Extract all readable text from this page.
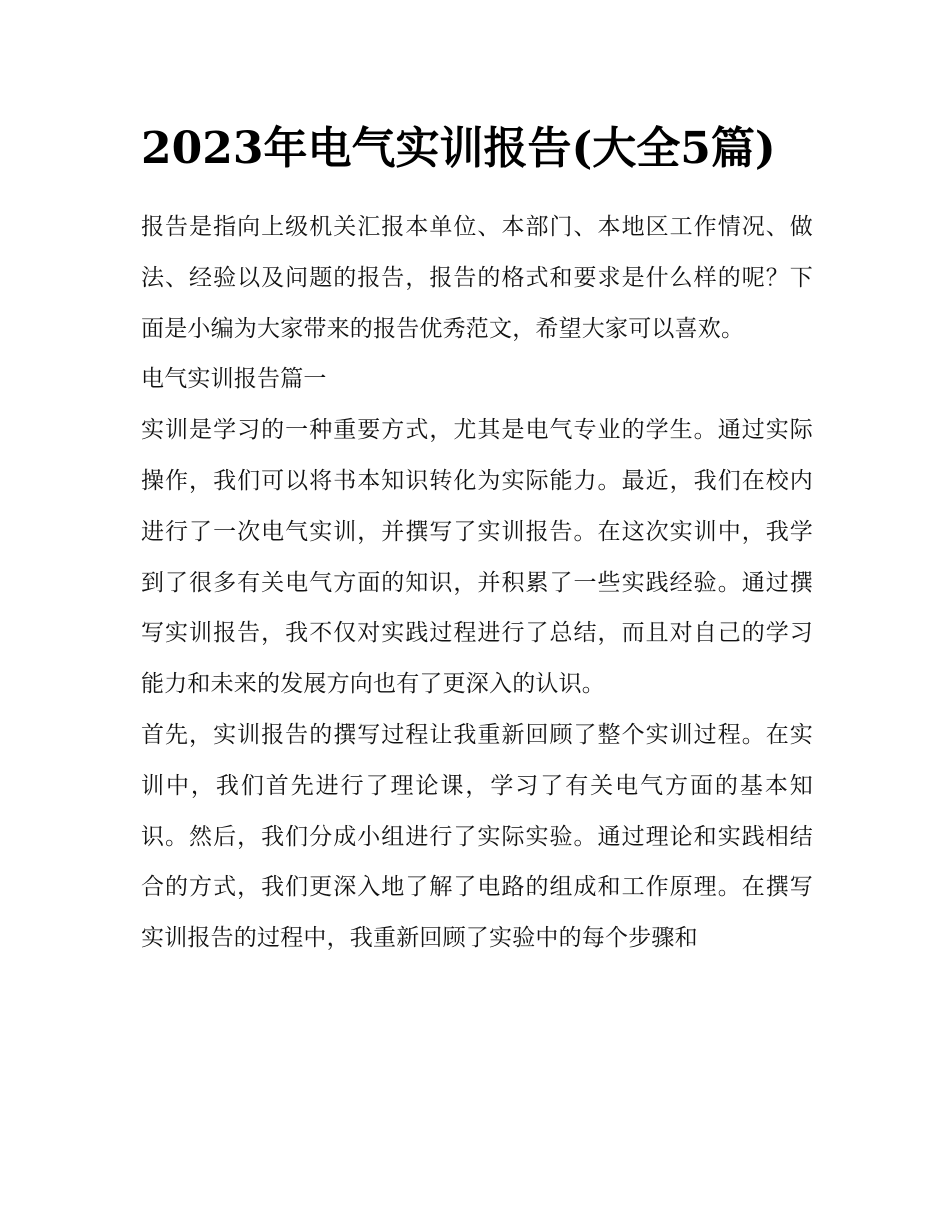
2023年电气实训报告(大全5篇)

报告是指向上级机关汇报本单位、本部门、本地区工作情况、做法、经验以及问题的报告，报告的格式和要求是什么样的呢？下面是小编为大家带来的报告优秀范文，希望大家可以喜欢。

电气实训报告篇一

实训是学习的一种重要方式，尤其是电气专业的学生。通过实际操作，我们可以将书本知识转化为实际能力。最近，我们在校内进行了一次电气实训，并撰写了实训报告。在这次实训中，我学到了很多有关电气方面的知识，并积累了一些实践经验。通过撰写实训报告，我不仅对实践过程进行了总结，而且对自己的学习能力和未来的发展方向也有了更深入的认识。

首先，实训报告的撰写过程让我重新回顾了整个实训过程。在实训中，我们首先进行了理论课，学习了有关电气方面的基本知识。然后，我们分成小组进行了实际实验。通过理论和实践相结合的方式，我们更深入地了解了电路的组成和工作原理。在撰写实训报告的过程中，我重新回顾了实验中的每个步骤和
